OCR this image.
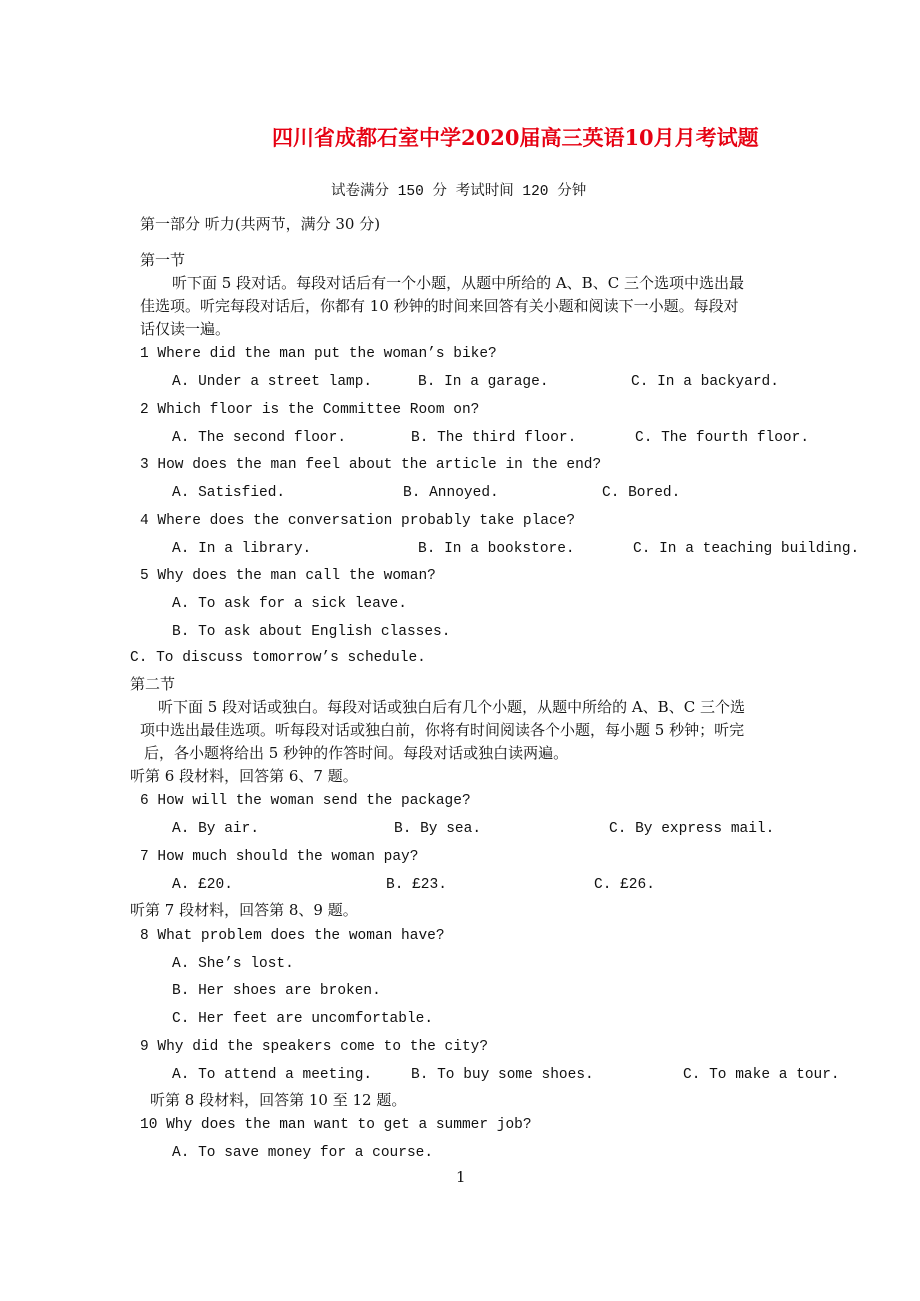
四川省成都石室中学2020届高三英语10月月考试题
试卷满分 150 分 考试时间 120 分钟
第一部分 听力(共两节，满分 30 分)
第一节
听下面 5 段对话。每段对话后有一个小题，从题中所给的 A、B、C 三个选项中选出最
佳选项。听完每段对话后，你都有 10 秒钟的时间来回答有关小题和阅读下一小题。每段对
话仅读一遍。
1 Where did the man put the woman’s bike?
A. Under a street lamp.	B. In a garage.	C. In a backyard.
2 Which floor is the Committee Room on?
A. The second floor.	B. The third floor.	C. The fourth floor.
3 How does the man feel about the article in the end?
A. Satisfied.	B. Annoyed.	C. Bored.
4 Where does the conversation probably take place?
A. In a library.	B. In a bookstore.	C. In a teaching building.
5 Why does the man call the woman?
A. To ask for a sick leave.
B. To ask about English classes.
C. To discuss tomorrow’s schedule.
第二节
听下面 5 段对话或独白。每段对话或独白后有几个小题，从题中所给的 A、B、C 三个选
项中选出最佳选项。听每段对话或独白前，你将有时间阅读各个小题，每小题 5 秒钟；听完
后，各小题将给出 5 秒钟的作答时间。每段对话或独白读两遍。
听第 6 段材料，回答第 6、7 题。
6 How will the woman send the package?
A. By air.	B. By sea.	C. By express mail.
7 How much should the woman pay?
A. £20.	B. £23.	C. £26.
听第 7 段材料，回答第 8、9 题。
8 What problem does the woman have?
A. She’s lost.
B. Her shoes are broken.
C. Her feet are uncomfortable.
9 Why did the speakers come to the city?
A. To attend a meeting.	B. To buy some shoes.	C. To make a tour.
听第 8 段材料，回答第 10 至 12 题。
10 Why does the man want to get a summer job?
A. To save money for a course.
1
